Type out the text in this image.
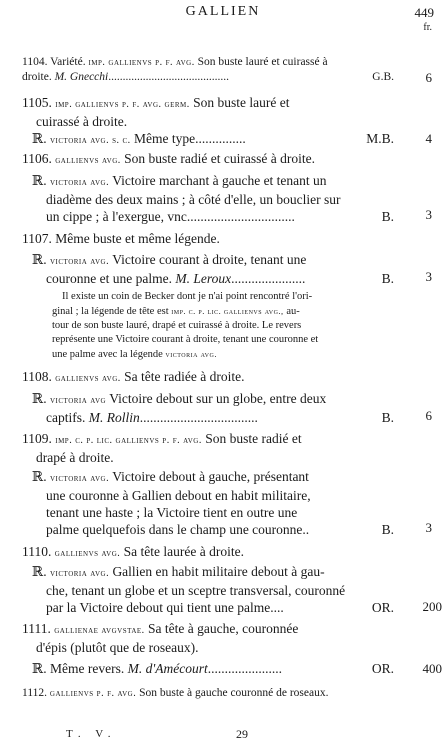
GALLIEN	449
fr.
1104. Variété. imp. gallienvs p. f. avg. Son buste lauré et cuirassé à
droite. M. Gnecchi ..........................................	G.B.	6
1105. imp. gallienvs p. f. avg. germ. Son buste lauré et
cuirassé à droite.
ℝ. victoria avg. s. c. Même type ...............	M.B.	4
1106. gallienvs avg. Son buste radié et cuirassé à droite.
ℝ. victoria avg. Victoire marchant à gauche et tenant un
diadème des deux mains ; à côté d'elle, un bouclier sur
un cippe ; à l'exergue, vnc ................................	B.	3
1107. Même buste et même légende.
ℝ. victoria avg. Victoire courant à droite, tenant une
couronne et une palme. M. Leroux ......................	B.	3
Il existe un coin de Becker dont je n'ai point rencontré l'ori-
ginal ; la légende de tête est imp. c. p. lic. gallienvs avg., au-
tour de son buste lauré, drapé et cuirassé à droite. Le revers
représente une Victoire courant à droite, tenant une couronne et
une palme avec la légende victoria avg.
1108. gallienvs avg. Sa tête radiée à droite.
ℝ. victoria avg Victoire debout sur un globe, entre deux
captifs. M. Rollin ...................................	B.	6
1109. imp. c. p. lic. gallienvs p. f. avg. Son buste radié et
drapé à droite.
ℝ. victoria avg. Victoire debout à gauche, présentant
une couronne à Gallien debout en habit militaire,
tenant une haste ; la Victoire tient en outre une
palme quelquefois dans le champ une couronne..	B.	3
1110. gallienvs avg. Sa tête laurée à droite.
ℝ. victoria avg. Gallien en habit militaire debout à gau-
che, tenant un globe et un sceptre transversal, couronné
par la Victoire debout qui tient une palme....	OR.	200
1111. gallienae avgvstae. Sa tête à gauche, couronnée
d'épis (plutôt que de roseaux).
ℝ. Même revers. M. d'Amécourt ......................	OR.	400
1112. gallienvs p. f. avg. Son buste à gauche couronné de roseaux.
T. V.	29
